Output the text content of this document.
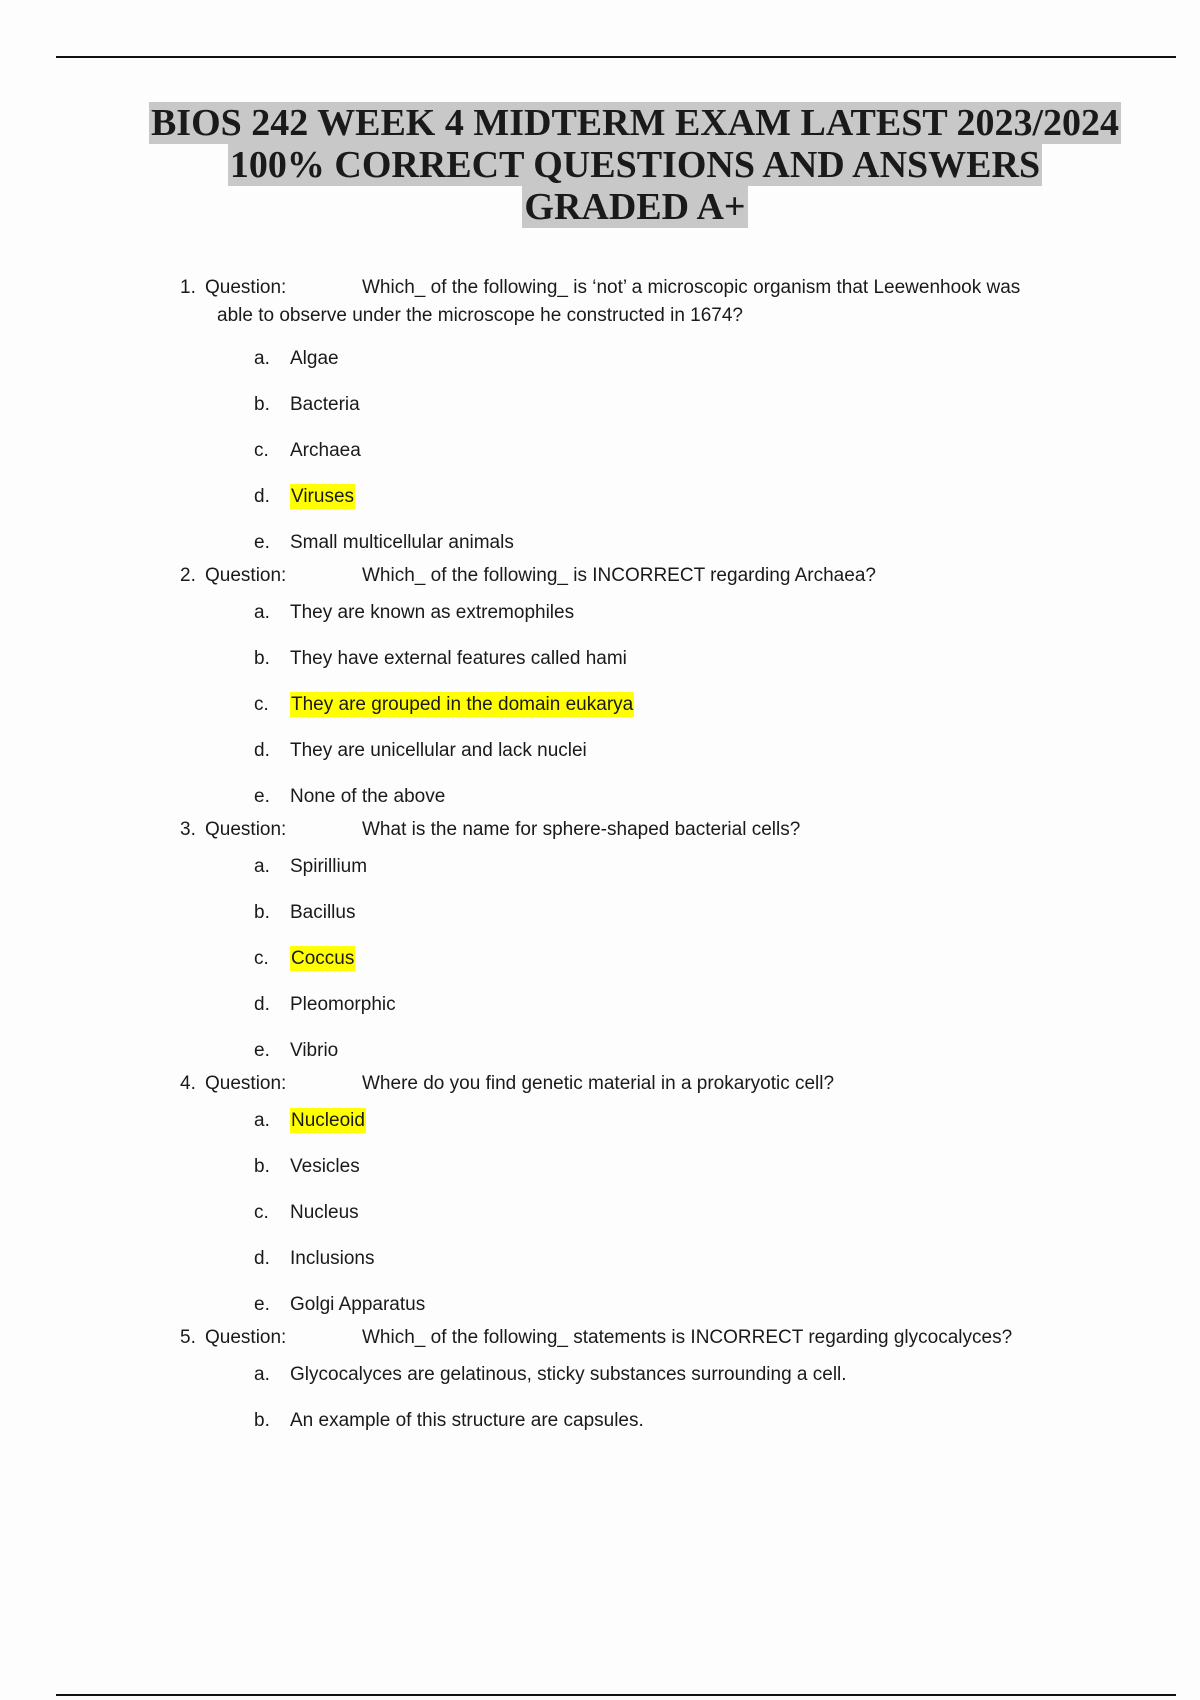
BIOS 242 WEEK 4 MIDTERM EXAM LATEST 2023/2024
100% CORRECT QUESTIONS AND ANSWERS
GRADED A+
1. Question:	Which_ of the following_ is ‘not’ a microscopic organism that Leewenhook was
able to observe under the microscope he constructed in 1674?
a. Algae
b. Bacteria
c. Archaea
d. Viruses
e. Small multicellular animals
2. Question:	Which_ of the following_ is INCORRECT regarding Archaea?
a. They are known as extremophiles
b. They have external features called hami
c. They are grouped in the domain eukarya
d. They are unicellular and lack nuclei
e. None of the above
3. Question:	What is the name for sphere-shaped bacterial cells?
a. Spirillium
b. Bacillus
c. Coccus
d. Pleomorphic
e. Vibrio
4. Question:	Where do you find genetic material in a prokaryotic cell?
a. Nucleoid
b. Vesicles
c. Nucleus
d. Inclusions
e. Golgi Apparatus
5. Question:	Which_ of the following_ statements is INCORRECT regarding glycocalyces?
a. Glycocalyces are gelatinous, sticky substances surrounding a cell.
b. An example of this structure are capsules.
